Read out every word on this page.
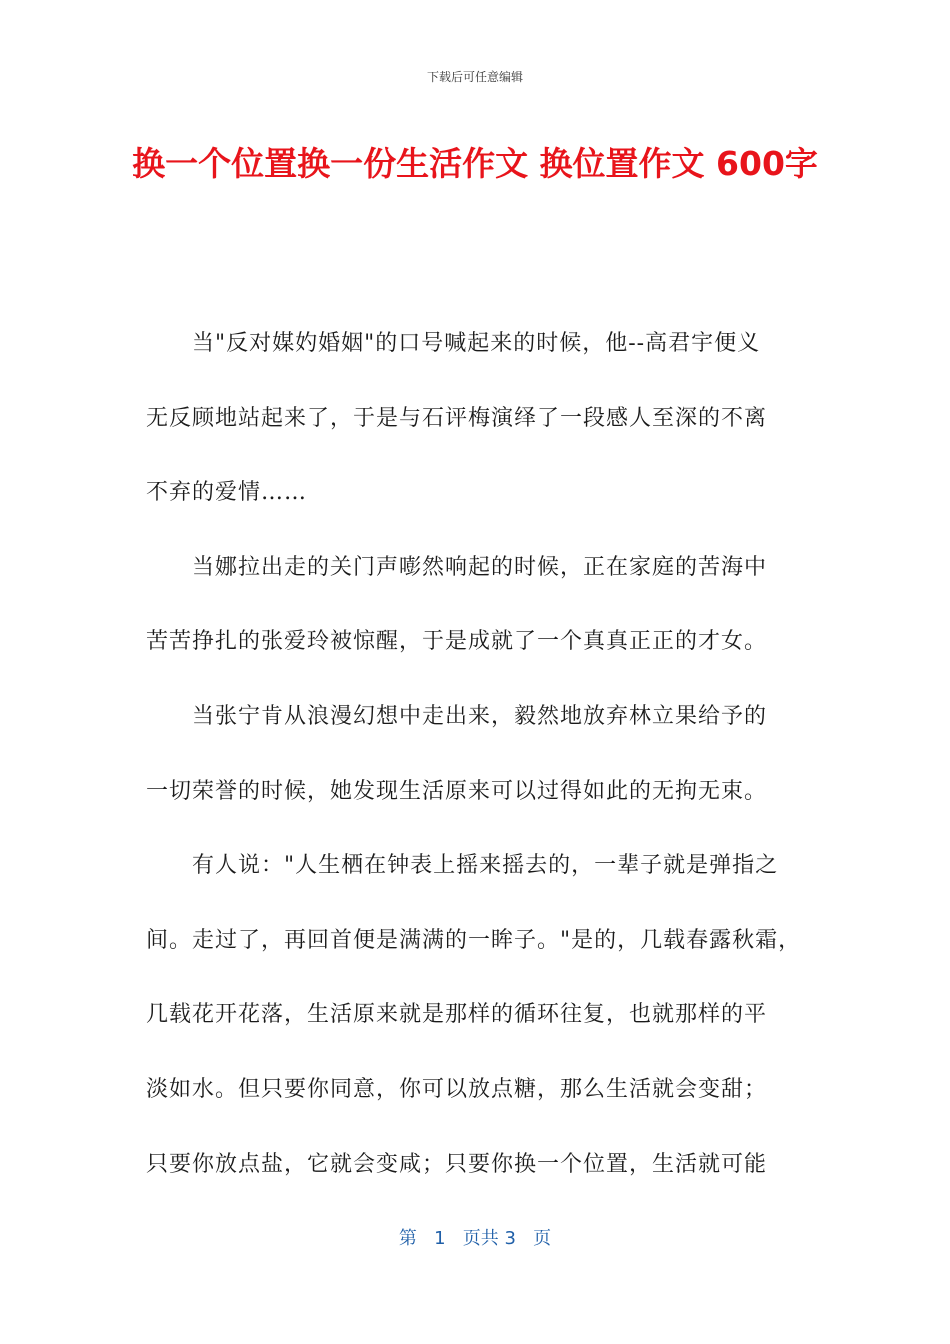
下载后可任意编辑
换一个位置换一份生活作文 换位置作文 600字
当"反对媒妁婚姻"的口号喊起来的时候，他--高君宇便义
无反顾地站起来了，于是与石评梅演绎了一段感人至深的不离
不弃的爱情……
当娜拉出走的关门声嘭然响起的时候，正在家庭的苦海中
苦苦挣扎的张爱玲被惊醒，于是成就了一个真真正正的才女。
当张宁肯从浪漫幻想中走出来，毅然地放弃林立果给予的
一切荣誉的时候，她发现生活原来可以过得如此的无拘无束。
有人说："人生栖在钟表上摇来摇去的，一辈子就是弹指之
间。走过了，再回首便是满满的一眸子。"是的，几载春露秋霜，
几载花开花落，生活原来就是那样的循环往复，也就那样的平
淡如水。但只要你同意，你可以放点糖，那么生活就会变甜；
只要你放点盐，它就会变咸；只要你换一个位置，生活就可能
第 1 页共 3 页
